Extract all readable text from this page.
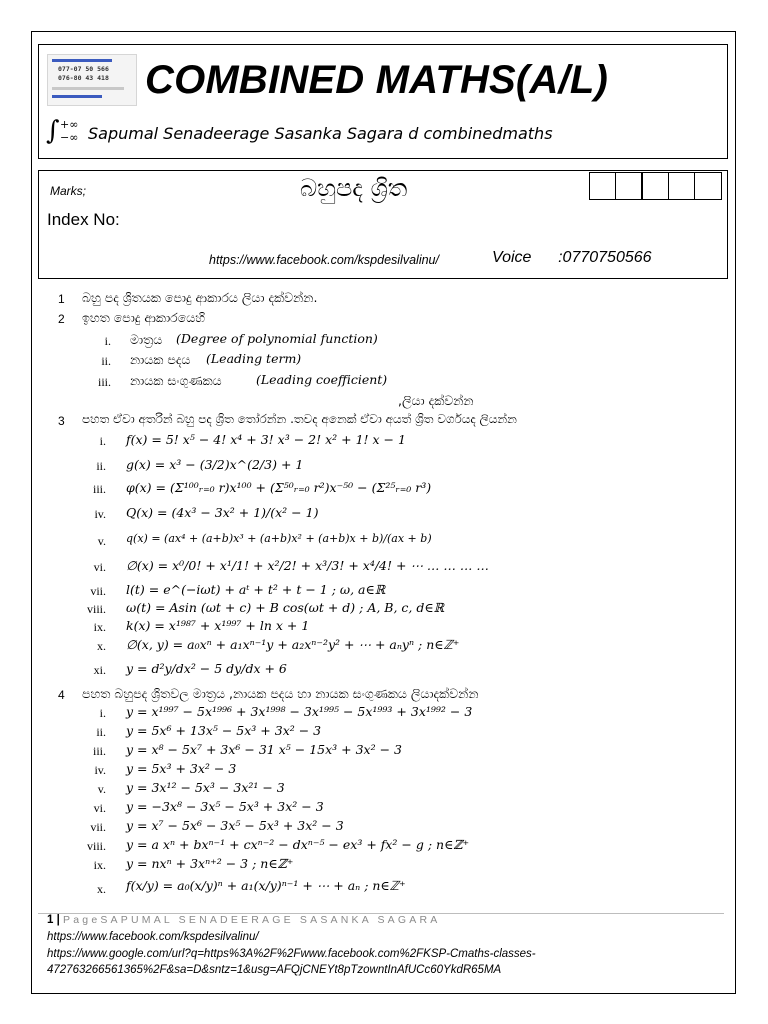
077-07 50 566
076-80 43 418 COMBINED MATHS(A/L)
∫ +∞
−∞ Sapumal Senadeerage Sasanka Sagara d combinedmaths
Marks;	බහුපද ශ්‍රිත
Index No:
https://www.facebook.com/kspdesilvalinu/	Voice      :0770750566
1 බහු පද ශ්‍රිතයක පොදු ආකාරය ලියා දක්වන්න.
2 ඉහත පොදු ආකාරයෙහි
i. මාත්‍රය (Degree of polynomial function)
ii. නායක පදය (Leading term)
iii. නායක සංගුණකය	(Leading coefficient)
,ලියා දක්වන්න
3 පහත ඒවා අතරින් බහු පද ශ්‍රිත තෝරන්න .තවද අනෙක් ඒවා අයත් ශ්‍රිත වර්ගයද ලියන්න
i. f(x) = 5! x⁵ − 4! x⁴ + 3! x³ − 2! x² + 1! x − 1
ii. g(x) = x³ − (3/2)x^(2/3) + 1
iii. φ(x) = (Σ¹⁰⁰ᵣ₌₀ r)x¹⁰⁰ + (Σ⁵⁰ᵣ₌₀ r²)x⁻⁵⁰ − (Σ²⁵ᵣ₌₀ r³)
iv. Q(x) = (4x³ − 3x² + 1)/(x² − 1)
v. q(x) = (ax⁴ + (a+b)x³ + (a+b)x² + (a+b)x + b)/(ax + b)
vi. ∅(x) = x⁰/0! + x¹/1! + x²/2! + x³/3! + x⁴/4! + ⋯ … … … …
vii. l(t) = e^(−iωt) + aᵗ + t² + t − 1 ; ω, a∈ℝ
viii. ω(t) = Asin (ωt + c) + B cos(ωt + d) ; A, B, c, d∈ℝ
ix. k(x) = x¹⁹⁸⁷ + x¹⁹⁹⁷ + ln x + 1
x. ∅(x, y) = a₀xⁿ + a₁xⁿ⁻¹y + a₂xⁿ⁻²y² + ⋯ + aₙyⁿ ; n∈ℤ⁺
xi. y = d²y/dx² − 5 dy/dx + 6
4 පහත බහුපද ශ්‍රිතවල මාත්‍රය ,නායක පදය හා නායක සංගුණකය ලියාදක්වන්න
i. y = x¹⁹⁹⁷ − 5x¹⁹⁹⁶ + 3x¹⁹⁹⁸ − 3x¹⁹⁹⁵ − 5x¹⁹⁹³ + 3x¹⁹⁹² − 3
ii. y = 5x⁶ + 13x⁵ − 5x³ + 3x² − 3
iii. y = x⁸ − 5x⁷ + 3x⁶ − 31 x⁵ − 15x³ + 3x² − 3
iv. y = 5x³ + 3x² − 3
v. y = 3x¹² − 5x³ − 3x²¹ − 3
vi. y = −3x⁸ − 3x⁵ − 5x³ + 3x² − 3
vii. y = x⁷ − 5x⁶ − 3x⁵ − 5x³ + 3x² − 3
viii. y = a xⁿ + bxⁿ⁻¹ + cxⁿ⁻² − dxⁿ⁻⁵ − ex³ + fx² − g ; n∈ℤ⁺
ix. y = nxⁿ + 3xⁿ⁺² − 3 ; n∈ℤ⁺
x. f(x/y) = a₀(x/y)ⁿ + a₁(x/y)ⁿ⁻¹ + ⋯ + aₙ ; n∈ℤ⁺
1 | PageSAPUMAL SENADEERAGE SASANKA SAGARA
https://www.facebook.com/kspdesilvalinu/
https://www.google.com/url?q=https%3A%2F%2Fwww.facebook.com%2FKSP-Cmaths-classes-
472763266561365%2F&sa=D&sntz=1&usg=AFQjCNEYt8pTzowntInAfUCc60YkdR65MA
